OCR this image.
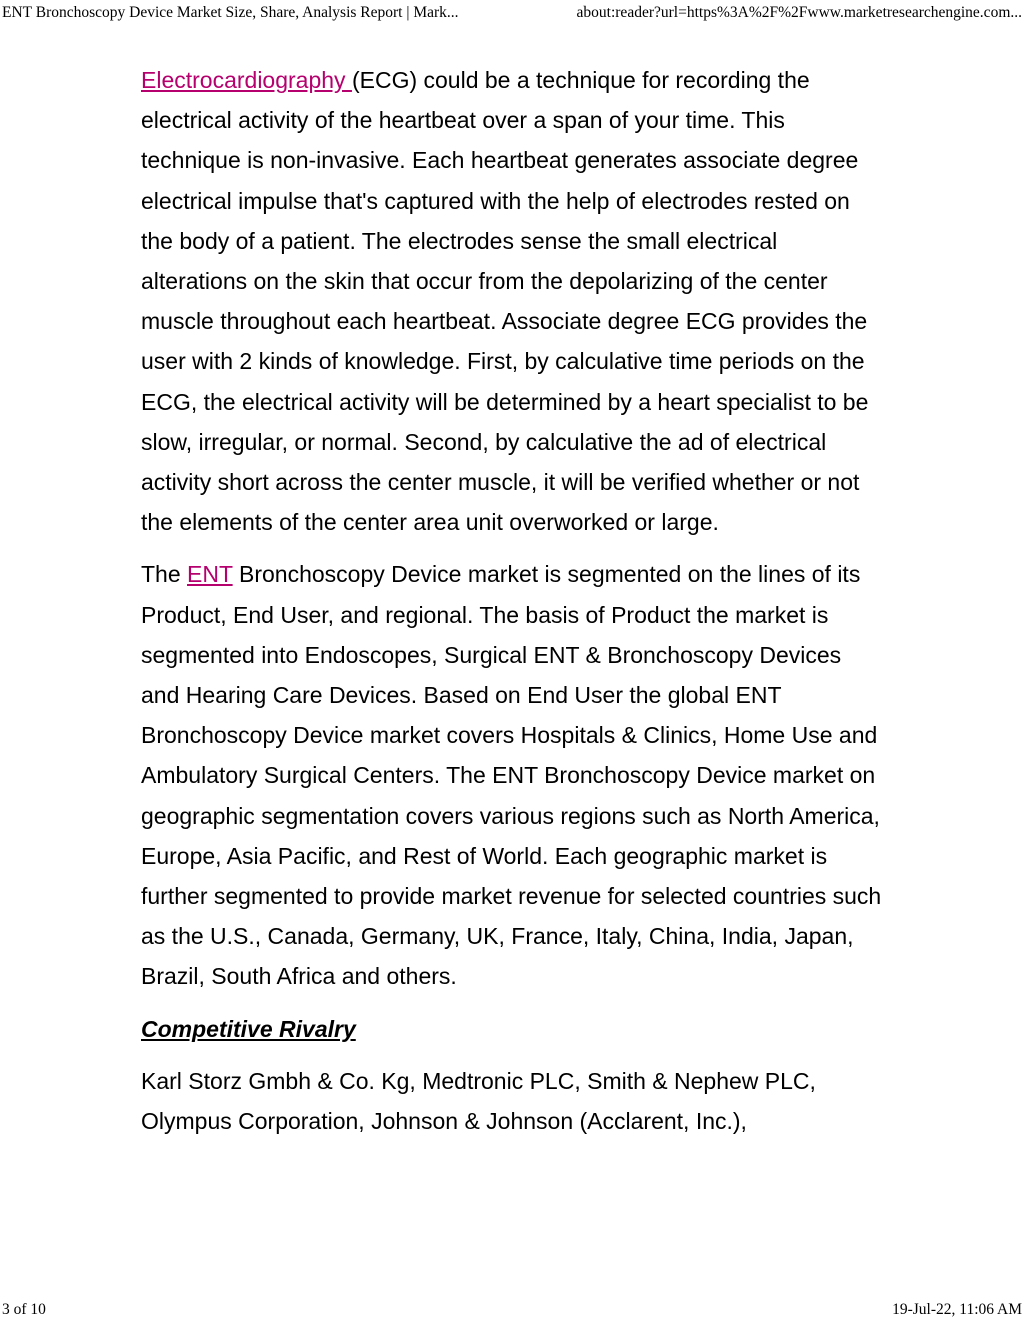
ENT Bronchoscopy Device Market Size, Share, Analysis Report | Mark...	about:reader?url=https%3A%2F%2Fwww.marketresearchengine.com...

Electrocardiography (ECG) could be a technique for recording the electrical activity of the heartbeat over a span of your time. This technique is non-invasive. Each heartbeat generates associate degree electrical impulse that's captured with the help of electrodes rested on the body of a patient. The electrodes sense the small electrical alterations on the skin that occur from the depolarizing of the center muscle throughout each heartbeat. Associate degree ECG provides the user with 2 kinds of knowledge. First, by calculative time periods on the ECG, the electrical activity will be determined by a heart specialist to be slow, irregular, or normal. Second, by calculative the ad of electrical activity short across the center muscle, it will be verified whether or not the elements of the center area unit overworked or large.

The ENT Bronchoscopy Device market is segmented on the lines of its Product, End User, and regional. The basis of Product the market is segmented into Endoscopes, Surgical ENT & Bronchoscopy Devices and Hearing Care Devices. Based on End User the global ENT Bronchoscopy Device market covers Hospitals & Clinics, Home Use and Ambulatory Surgical Centers. The ENT Bronchoscopy Device market on geographic segmentation covers various regions such as North America, Europe, Asia Pacific, and Rest of World. Each geographic market is further segmented to provide market revenue for selected countries such as the U.S., Canada, Germany, UK, France, Italy, China, India, Japan, Brazil, South Africa and others.

Competitive Rivalry

Karl Storz Gmbh & Co. Kg, Medtronic PLC, Smith & Nephew PLC, Olympus Corporation, Johnson & Johnson (Acclarent, Inc.),

3 of 10	19-Jul-22, 11:06 AM
